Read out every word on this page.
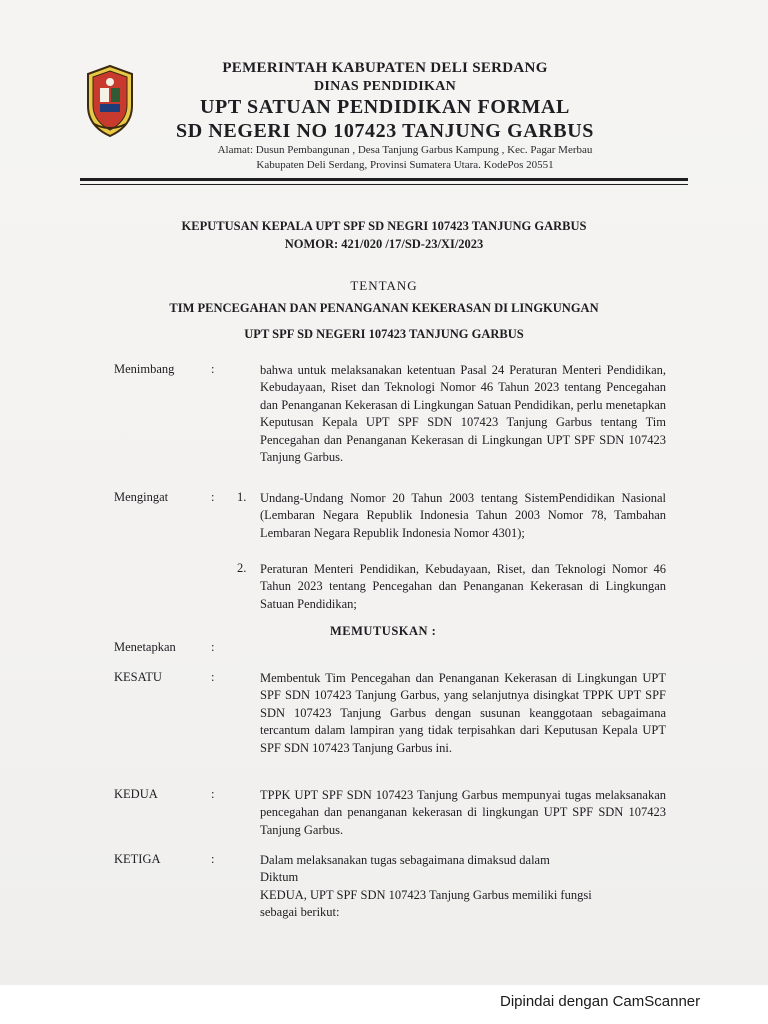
PEMERINTAH KABUPATEN DELI SERDANG
DINAS PENDIDIKAN
UPT SATUAN PENDIDIKAN FORMAL
SD NEGERI NO 107423 TANJUNG GARBUS
Alamat: Dusun Pembangunan , Desa Tanjung Garbus Kampung , Kec. Pagar Merbau
Kabupaten Deli Serdang, Provinsi Sumatera Utara. KodePos 20551
KEPUTUSAN KEPALA UPT SPF SD NEGRI 107423 TANJUNG GARBUS
NOMOR: 421/020 /17/SD-23/XI/2023
TENTANG
TIM PENCEGAHAN DAN PENANGANAN KEKERASAN DI LINGKUNGAN
UPT SPF SD NEGERI 107423 TANJUNG GARBUS
Menimbang	:	bahwa untuk melaksanakan ketentuan Pasal 24 Peraturan Menteri Pendidikan, Kebudayaan, Riset dan Teknologi Nomor 46 Tahun 2023 tentang Pencegahan dan Penanganan Kekerasan di Lingkungan Satuan Pendidikan, perlu menetapkan Keputusan Kepala UPT SPF SDN 107423 Tanjung Garbus tentang Tim Pencegahan dan Penanganan Kekerasan di Lingkungan UPT SPF SDN 107423 Tanjung Garbus.
Mengingat	: 1. Undang-Undang Nomor 20 Tahun 2003 tentang SistemPendidikan Nasional (Lembaran Negara Republik Indonesia Tahun 2003 Nomor 78, Tambahan Lembaran Negara Republik Indonesia Nomor 4301);
2. Peraturan Menteri Pendidikan, Kebudayaan, Riset, dan Teknologi Nomor 46 Tahun 2023 tentang Pencegahan dan Penanganan Kekerasan di Lingkungan Satuan Pendidikan;
MEMUTUSKAN :
Menetapkan	:
KESATU	:	Membentuk Tim Pencegahan dan Penanganan Kekerasan di Lingkungan UPT SPF SDN 107423 Tanjung Garbus, yang selanjutnya disingkat TPPK UPT SPF SDN 107423 Tanjung Garbus dengan susunan keanggotaan sebagaimana tercantum dalam lampiran yang tidak terpisahkan dari Keputusan Kepala UPT SPF SDN 107423 Tanjung Garbus ini.
KEDUA	:	TPPK UPT SPF SDN 107423 Tanjung Garbus mempunyai tugas melaksanakan pencegahan dan penanganan kekerasan di lingkungan UPT SPF SDN 107423 Tanjung Garbus.
KETIGA	:	Dalam melaksanakan tugas sebagaimana dimaksud dalam
Diktum
KEDUA, UPT SPF SDN 107423 Tanjung Garbus memiliki fungsi
sebagai berikut:
Dipindai dengan CamScanner
